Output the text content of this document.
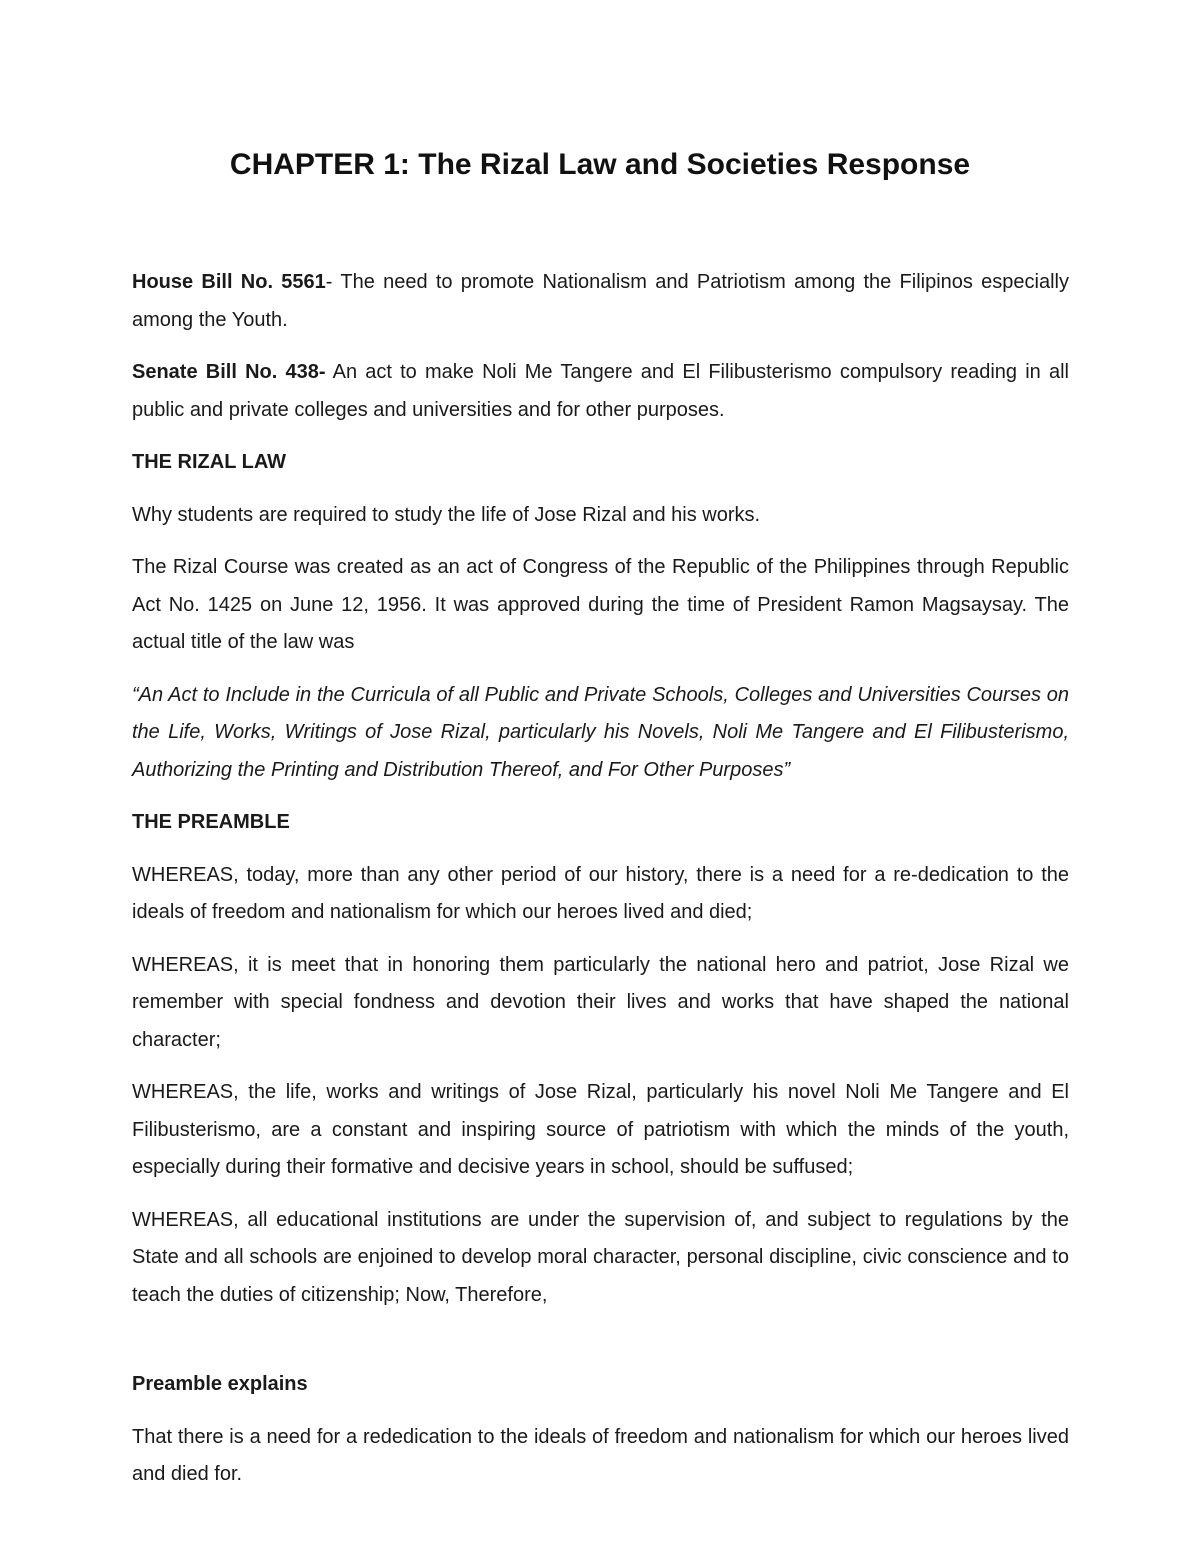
CHAPTER 1: The Rizal Law and Societies Response

House Bill No. 5561- The need to promote Nationalism and Patriotism among the Filipinos especially among the Youth.

Senate Bill No. 438- An act to make Noli Me Tangere and El Filibusterismo compulsory reading in all public and private colleges and universities and for other purposes.

THE RIZAL LAW

Why students are required to study the life of Jose Rizal and his works.

The Rizal Course was created as an act of Congress of the Republic of the Philippines through Republic Act No. 1425 on June 12, 1956. It was approved during the time of President Ramon Magsaysay. The actual title of the law was

“An Act to Include in the Curricula of all Public and Private Schools, Colleges and Universities Courses on the Life, Works, Writings of Jose Rizal, particularly his Novels, Noli Me Tangere and El Filibusterismo, Authorizing the Printing and Distribution Thereof, and For Other Purposes”

THE PREAMBLE

WHEREAS, today, more than any other period of our history, there is a need for a re-dedication to the ideals of freedom and nationalism for which our heroes lived and died;

WHEREAS, it is meet that in honoring them particularly the national hero and patriot, Jose Rizal we remember with special fondness and devotion their lives and works that have shaped the national character;

WHEREAS, the life, works and writings of Jose Rizal, particularly his novel Noli Me Tangere and El Filibusterismo, are a constant and inspiring source of patriotism with which the minds of the youth, especially during their formative and decisive years in school, should be suffused;

WHEREAS, all educational institutions are under the supervision of, and subject to regulations by the State and all schools are enjoined to develop moral character, personal discipline, civic conscience and to teach the duties of citizenship; Now, Therefore,

Preamble explains

That there is a need for a rededication to the ideals of freedom and nationalism for which our heroes lived and died for.
